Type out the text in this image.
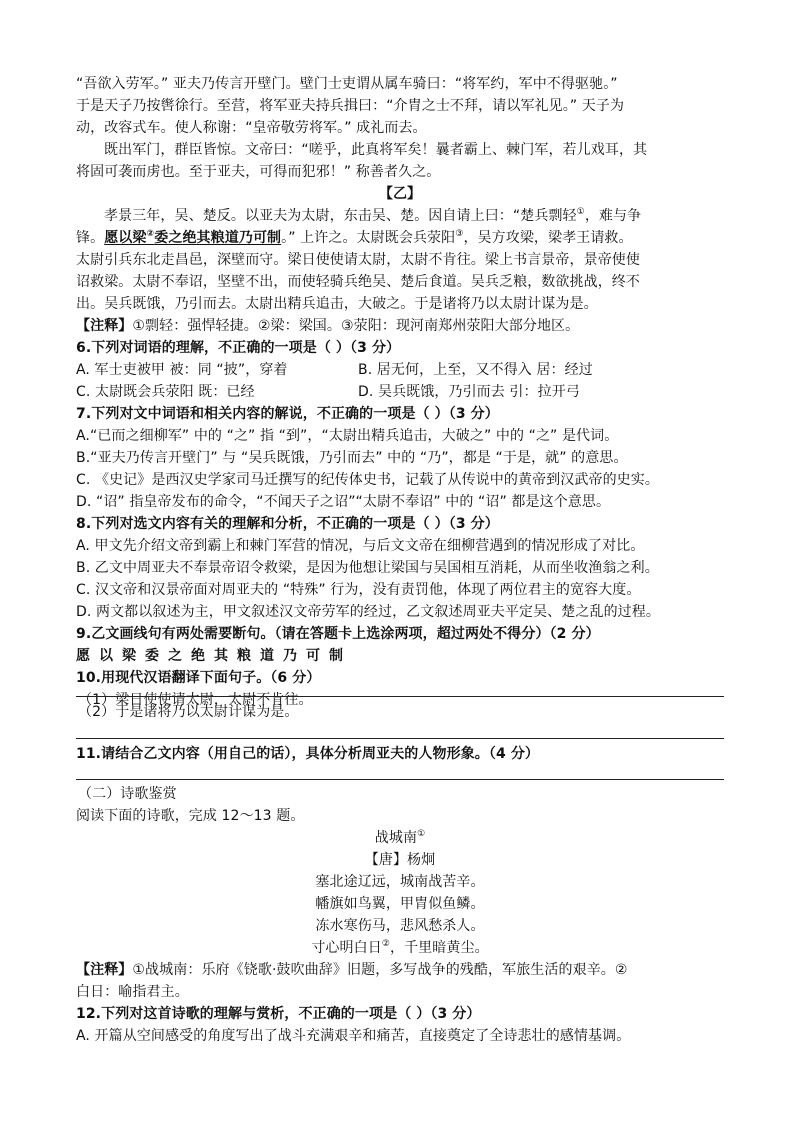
“吾欲入劳军。” 亚夫乃传言开壁门。壁门士吏谓从属车骑曰：“将军约，军中不得驱驰。”
于是天子乃按辔徐行。至营，将军亚夫持兵揖曰：“介胄之士不拜，请以军礼见。” 天子为
动，改容式车。使人称谢：“皇帝敬劳将军。” 成礼而去。
既出军门，群臣皆惊。文帝曰：“嗟乎，此真将军矣！曩者霸上、棘门军，若儿戏耳，其
将固可袭而虏也。至于亚夫，可得而犯邪！” 称善者久之。
【乙】
孝景三年，吴、楚反。以亚夫为太尉，东击吴、楚。因自请上曰：“楚兵剽轻①，难与争
锋。愿以梁②委之绝其粮道乃可制。” 上许之。太尉既会兵荥阳③，吴方攻梁，梁孝王请救。
太尉引兵东北走昌邑，深壁而守。梁日使使请太尉，太尉不肯往。梁上书言景帝，景帝使使
诏救梁。太尉不奉诏，坚壁不出，而使轻骑兵绝吴、楚后食道。吴兵乏粮，数欲挑战，终不
出。吴兵既饿，乃引而去。太尉出精兵追击，大破之。于是诸将乃以太尉计谋为是。
【注释】①剽轻：强悍轻捷。②梁：梁国。③荥阳：现河南郑州荥阳大部分地区。
6.下列对词语的理解，不正确的一项是（ ）（3 分）
A. 军士吏被甲 被：同 “披”，穿着	B. 居无何，上至，又不得入 居：经过
C. 太尉既会兵荥阳 既：已经	D. 吴兵既饿，乃引而去 引：拉开弓
7.下列对文中词语和相关内容的解说，不正确的一项是（ ）（3 分）
A.“已而之细柳军” 中的 “之” 指 “到”，“太尉出精兵追击，大破之” 中的 “之” 是代词。
B.“亚夫乃传言开壁门” 与 “吴兵既饿，乃引而去” 中的 “乃”，都是 “于是，就” 的意思。
C. 《史记》是西汉史学家司马迁撰写的纪传体史书，记载了从传说中的黄帝到汉武帝的史实。
D. “诏” 指皇帝发布的命令，“不闻天子之诏”“太尉不奉诏” 中的 “诏” 都是这个意思。
8.下列对选文内容有关的理解和分析，不正确的一项是（ ）（3 分）
A. 甲文先介绍文帝到霸上和棘门军营的情况，与后文文帝在细柳营遇到的情况形成了对比。
B. 乙文中周亚夫不奉景帝诏令救梁，是因为他想让梁国与吴国相互消耗，从而坐收渔翁之利。
C. 汉文帝和汉景帝面对周亚夫的 “特殊” 行为，没有责罚他，体现了两位君主的宽容大度。
D. 两文都以叙述为主，甲文叙述汉文帝劳军的经过，乙文叙述周亚夫平定吴、楚之乱的过程。
9.乙文画线句有两处需要断句。（请在答题卡上选涂两项，超过两处不得分）（2 分）
愿以梁委之绝其粮道乃可制
10.用现代汉语翻译下面句子。（6 分）
（1）梁日使使请太尉，太尉不肯往。
（2）于是诸将乃以太尉计谋为是。
11.请结合乙文内容（用自己的话），具体分析周亚夫的人物形象。（4 分）
（二）诗歌鉴赏
阅读下面的诗歌，完成 12～13 题。
战城南①
【唐】杨炯
塞北途辽远，城南战苦辛。
幡旗如鸟翼，甲胄似鱼鳞。
冻水寒伤马，悲风愁杀人。
寸心明白日②，千里暗黄尘。
【注释】①战城南：乐府《铙歌·鼓吹曲辞》旧题，多写战争的残酷，军旅生活的艰辛。②
白日：喻指君主。
12.下列对这首诗歌的理解与赏析，不正确的一项是（ ）（3 分）
A. 开篇从空间感受的角度写出了战斗充满艰辛和痛苦，直接奠定了全诗悲壮的感情基调。
